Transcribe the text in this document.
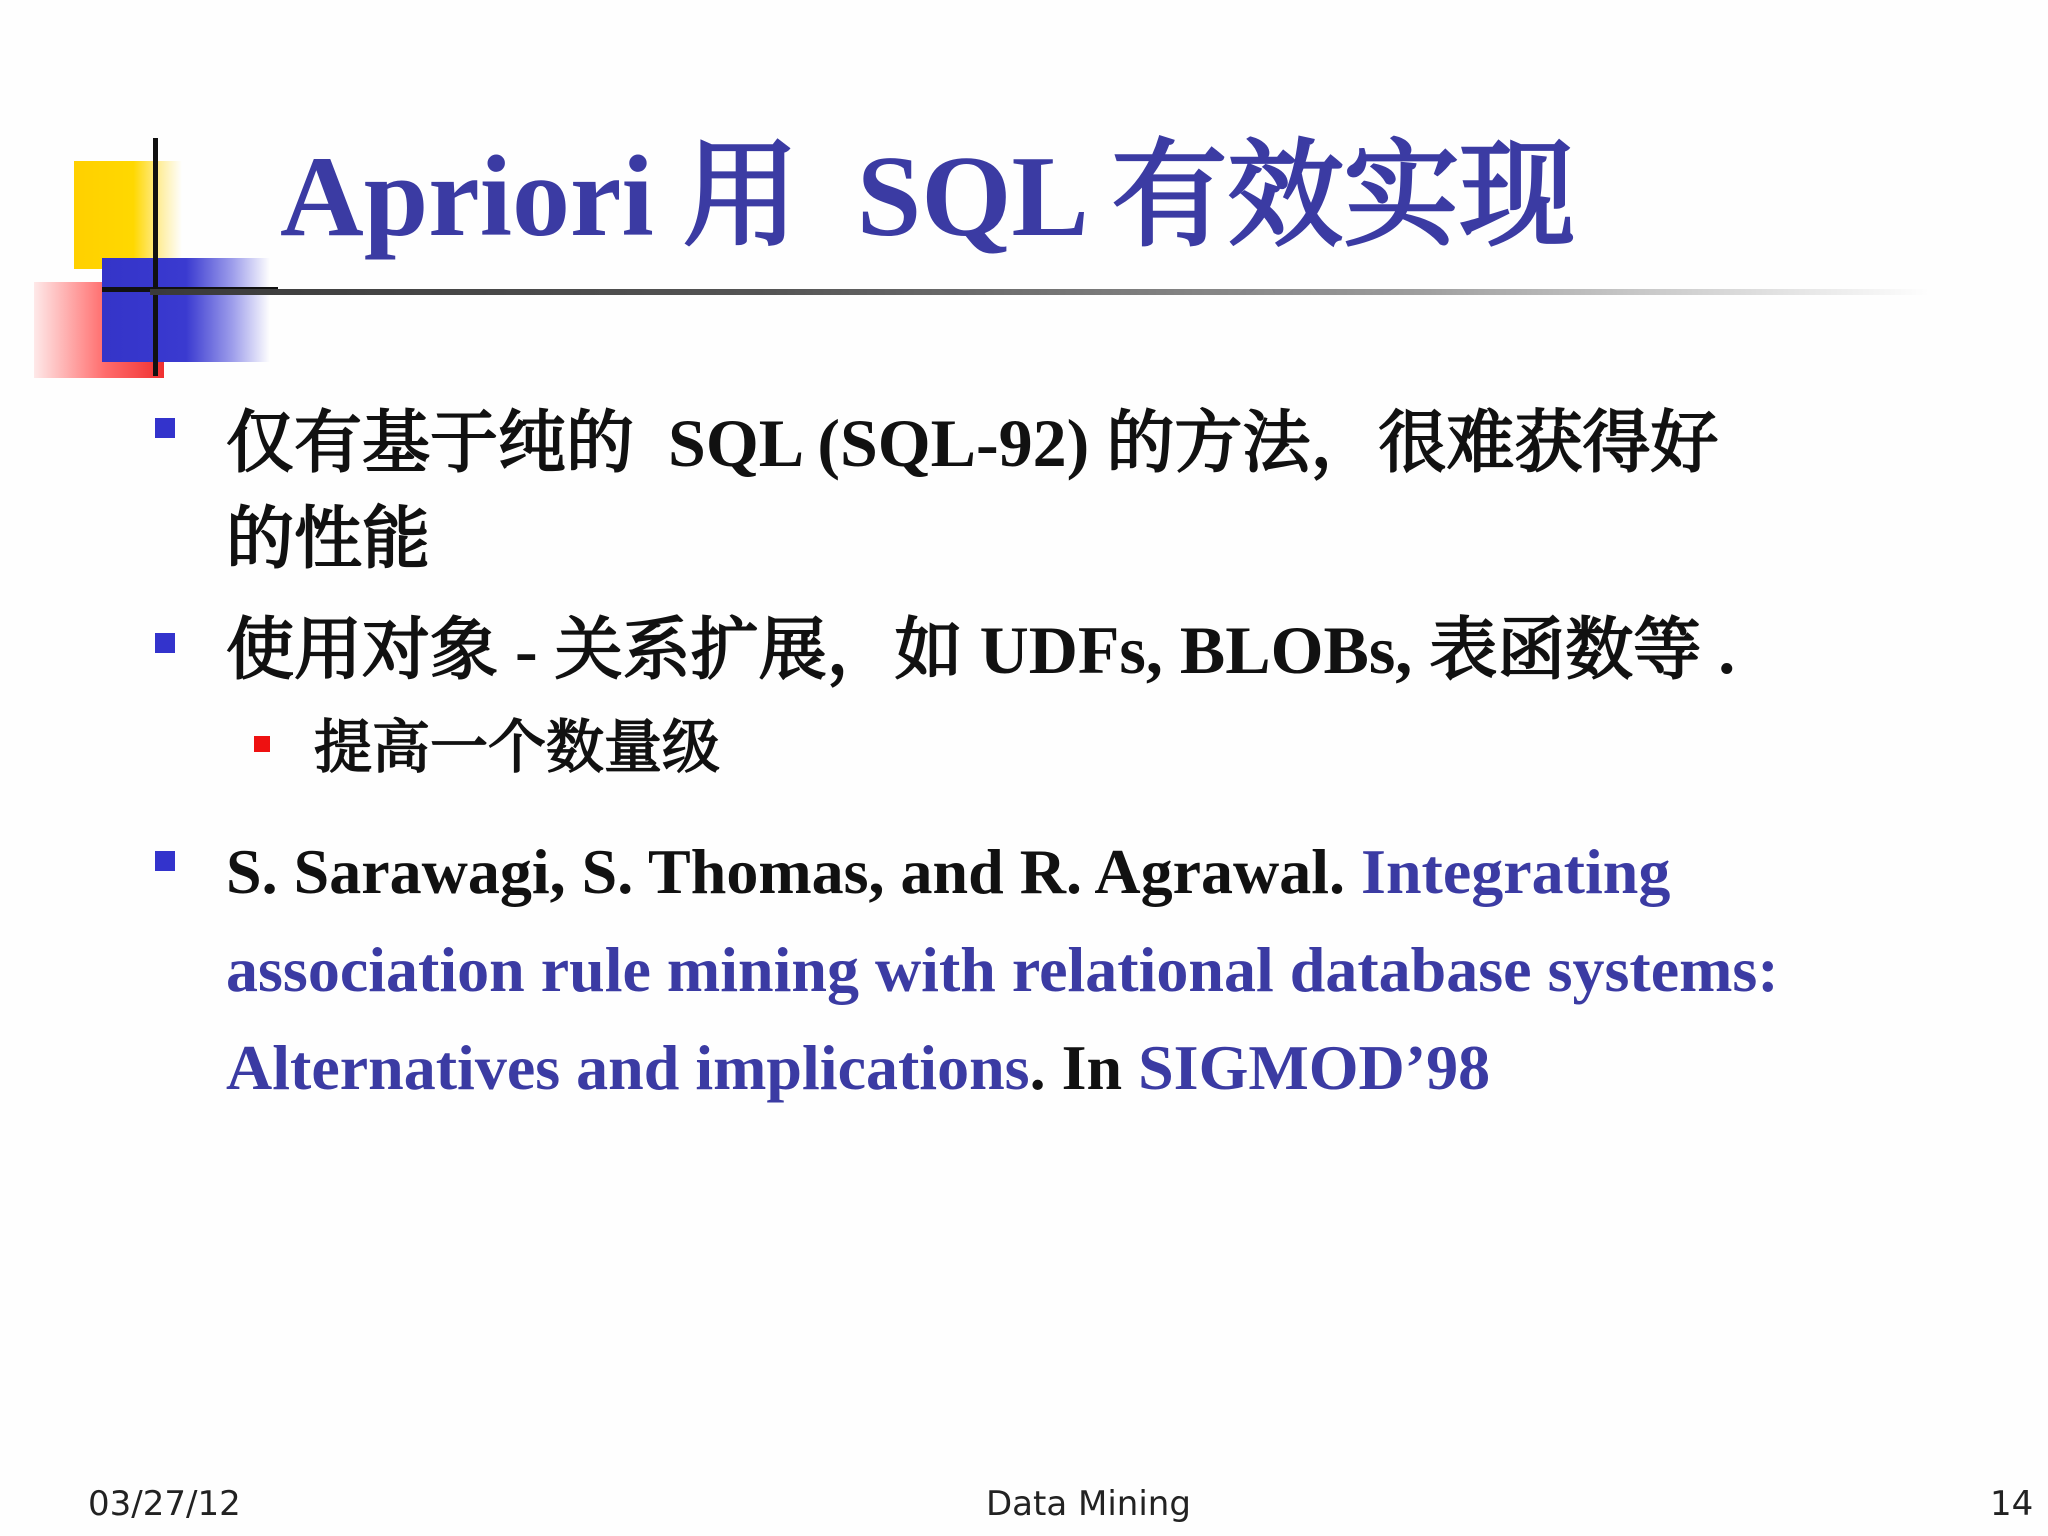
Apriori 用  SQL 有效实现
仅有基于纯的  SQL (SQL-92) 的方法，很难获得好
的性能
使用对象 - 关系扩展，如 UDFs, BLOBs, 表函数等 .
提高一个数量级
S. Sarawagi, S. Thomas, and R. Agrawal. Integrating
association rule mining with relational database systems:
Alternatives and implications. In SIGMOD’98
03/27/12	Data Mining	14
